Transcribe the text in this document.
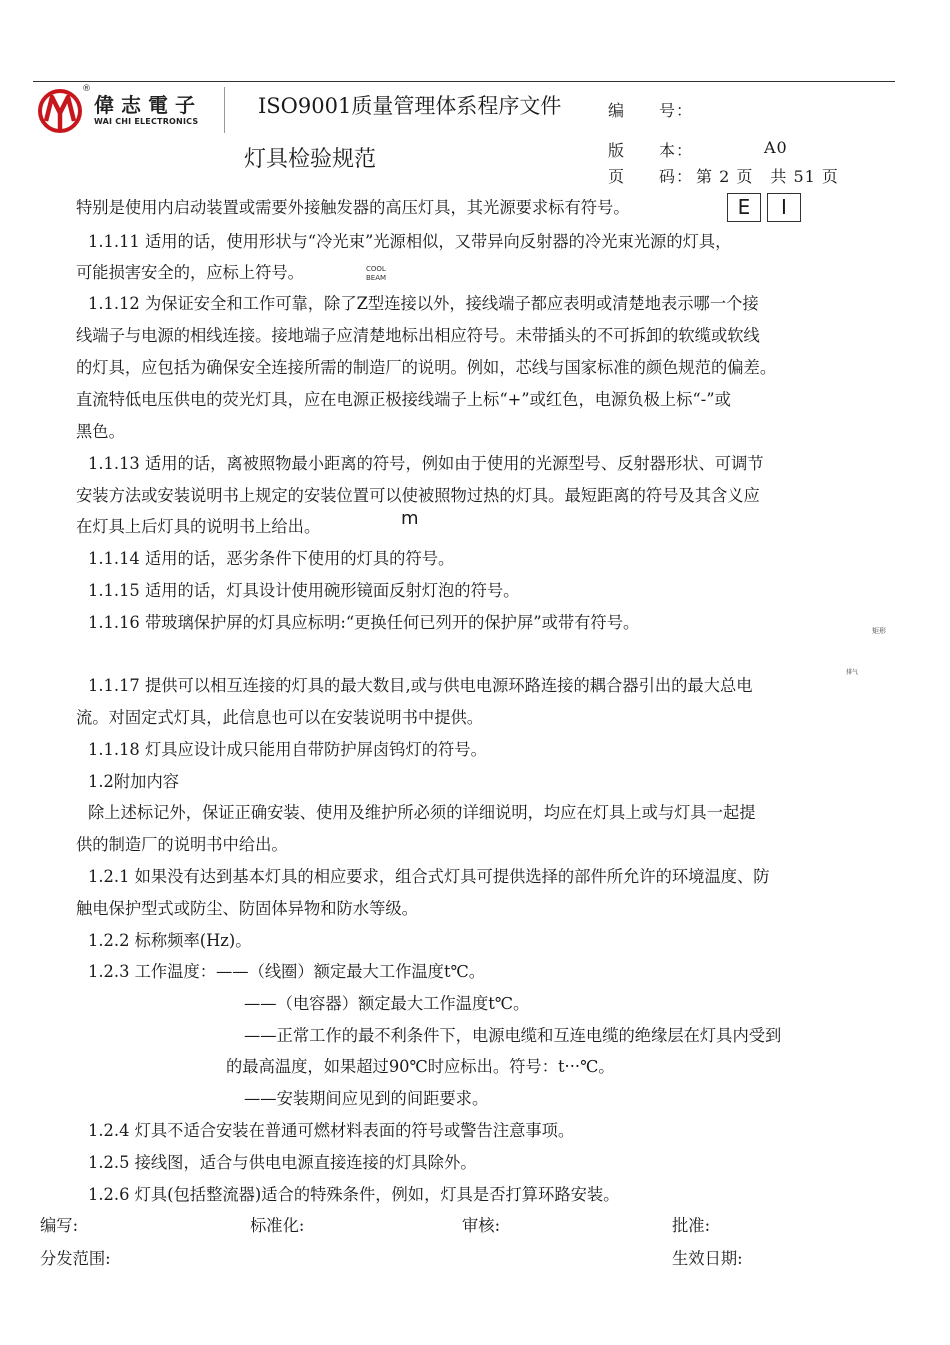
®
偉志電子
WAI CHI ELECTRONICS
ISO9001质量管理体系程序文件	编　　号：
灯具检验规范	版　　本：	A0
页　　码： 第 2 页　共 51 页
特别是使用内启动装置或需要外接触发器的高压灯具，其光源要求标有符号。
1.1.11 适用的话，使用形状与“冷光束”光源相似，又带异向反射器的冷光束光源的灯具，
可能损害安全的，应标上符号。
1.1.12 为保证安全和工作可靠，除了Z型连接以外，接线端子都应表明或清楚地表示哪一个接
线端子与电源的相线连接。接地端子应清楚地标出相应符号。未带插头的不可拆卸的软缆或软线
的灯具，应包括为确保安全连接所需的制造厂的说明。例如，芯线与国家标准的颜色规范的偏差。
直流特低电压供电的荧光灯具，应在电源正极接线端子上标“+”或红色，电源负极上标“-”或
黑色。
1.1.13 适用的话，离被照物最小距离的符号，例如由于使用的光源型号、反射器形状、可调节
安装方法或安装说明书上规定的安装位置可以使被照物过热的灯具。最短距离的符号及其含义应
在灯具上后灯具的说明书上给出。
1.1.14 适用的话，恶劣条件下使用的灯具的符号。
1.1.15 适用的话，灯具设计使用碗形镜面反射灯泡的符号。
1.1.16 带玻璃保护屏的灯具应标明:“更换任何已列开的保护屏”或带有符号。
1.1.17 提供可以相互连接的灯具的最大数目,或与供电电源环路连接的耦合器引出的最大总电
流。对固定式灯具，此信息也可以在安装说明书中提供。
1.1.18 灯具应设计成只能用自带防护屏卤钨灯的符号。
1.2附加内容
除上述标记外，保证正确安装、使用及维护所必须的详细说明，均应在灯具上或与灯具一起提
供的制造厂的说明书中给出。
1.2.1 如果没有达到基本灯具的相应要求，组合式灯具可提供选择的部件所允许的环境温度、防
触电保护型式或防尘、防固体异物和防水等级。
1.2.2 标称频率(Hz)。
1.2.3 工作温度：——（线圈）额定最大工作温度t℃。
——（电容器）额定最大工作温度t℃。
——正常工作的最不利条件下，电源电缆和互连电缆的绝缘层在灯具内受到
的最高温度，如果超过90℃时应标出。符号：t···℃。
——安装期间应见到的间距要求。
1.2.4 灯具不适合安装在普通可燃材料表面的符号或警告注意事项。
1.2.5 接线图，适合与供电电源直接连接的灯具除外。
1.2.6 灯具(包括整流器)适合的特殊条件，例如，灯具是否打算环路安装。
E	I
COOL
BEAM
m
矩形
排气
编写:	标准化:	审核:	批准:
分发范围:	生效日期:
